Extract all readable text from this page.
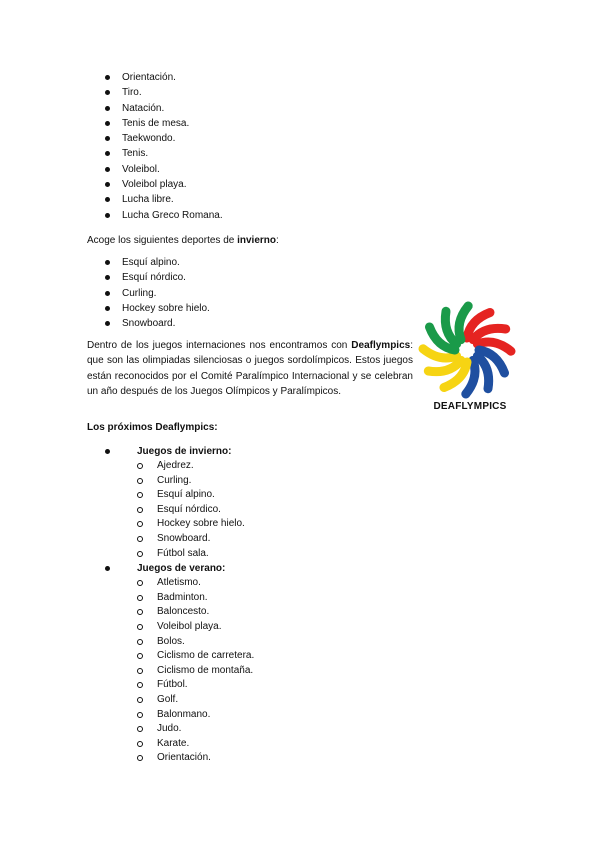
Orientación.
Tiro.
Natación.
Tenis de mesa.
Taekwondo.
Tenis.
Voleibol.
Voleibol playa.
Lucha libre.
Lucha Greco Romana.
Acoge los siguientes deportes de invierno:
Esquí alpino.
Esquí nórdico.
Curling.
Hockey sobre hielo.
Snowboard.
Dentro de los juegos internaciones nos encontramos con Deaflympics: que son las olimpiadas silenciosas o juegos sordolímpicos. Estos juegos están reconocidos por el Comité Paralímpico Internacional y se celebran un año después de los Juegos Olímpicos y Paralímpicos.
DEAFLYMPICS
Los próximos Deaflympics:
Juegos de invierno:
Ajedrez.
Curling.
Esquí alpino.
Esquí nórdico.
Hockey sobre hielo.
Snowboard.
Fútbol sala.
Juegos de verano:
Atletismo.
Badminton.
Baloncesto.
Voleibol playa.
Bolos.
Ciclismo de carretera.
Ciclismo de montaña.
Fútbol.
Golf.
Balonmano.
Judo.
Karate.
Orientación.
